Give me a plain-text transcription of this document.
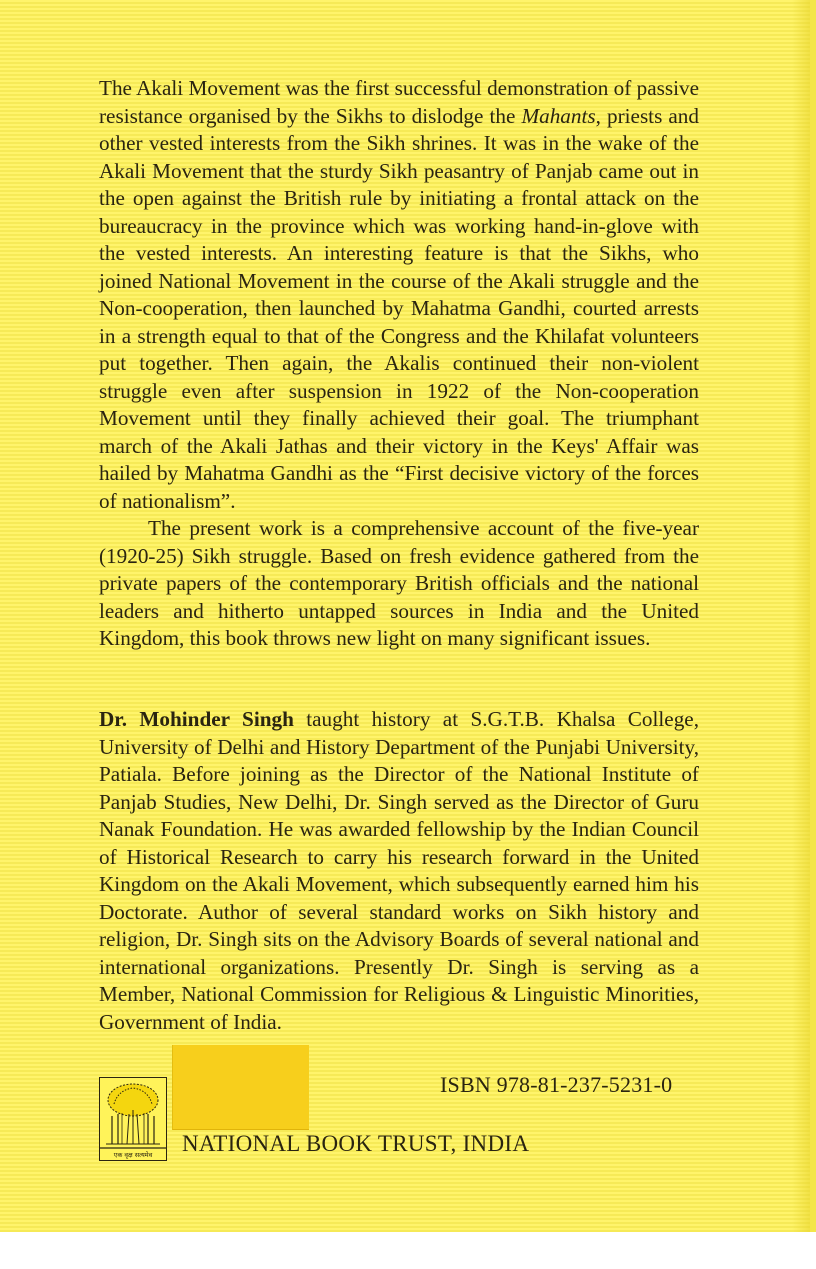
The Akali Movement was the first successful demonstration of passive resistance organised by the Sikhs to dislodge the Mahants, priests and other vested interests from the Sikh shrines. It was in the wake of the Akali Movement that the sturdy Sikh peasantry of Panjab came out in the open against the British rule by initiating a frontal attack on the bureaucracy in the province which was working hand-in-glove with the vested interests. An interesting feature is that the Sikhs, who joined National Movement in the course of the Akali struggle and the Non-cooperation, then launched by Mahatma Gandhi, courted arrests in a strength equal to that of the Congress and the Khilafat volunteers put together. Then again, the Akalis continued their non-violent struggle even after suspension in 1922 of the Non-cooperation Movement until they finally achieved their goal. The triumphant march of the Akali Jathas and their victory in the Keys' Affair was hailed by Mahatma Gandhi as the “First decisive victory of the forces of nationalism”.

The present work is a comprehensive account of the five-year (1920-25) Sikh struggle. Based on fresh evidence gathered from the private papers of the contemporary British officials and the national leaders and hitherto untapped sources in India and the United Kingdom, this book throws new light on many significant issues.

Dr. Mohinder Singh taught history at S.G.T.B. Khalsa College, University of Delhi and History Department of the Punjabi University, Patiala. Before joining as the Director of the National Institute of Panjab Studies, New Delhi, Dr. Singh served as the Director of Guru Nanak Foundation. He was awarded fellowship by the Indian Council of Historical Research to carry his research forward in the United Kingdom on the Akali Movement, which subsequently earned him his Doctorate. Author of several standard works on Sikh history and religion, Dr. Singh sits on the Advisory Boards of several national and international organizations. Presently Dr. Singh is serving as a Member, National Commission for Religious & Linguistic Minorities, Government of India.

एक वृक्ष सत्यमेव
ISBN 978-81-237-5231-0
NATIONAL BOOK TRUST, INDIA
